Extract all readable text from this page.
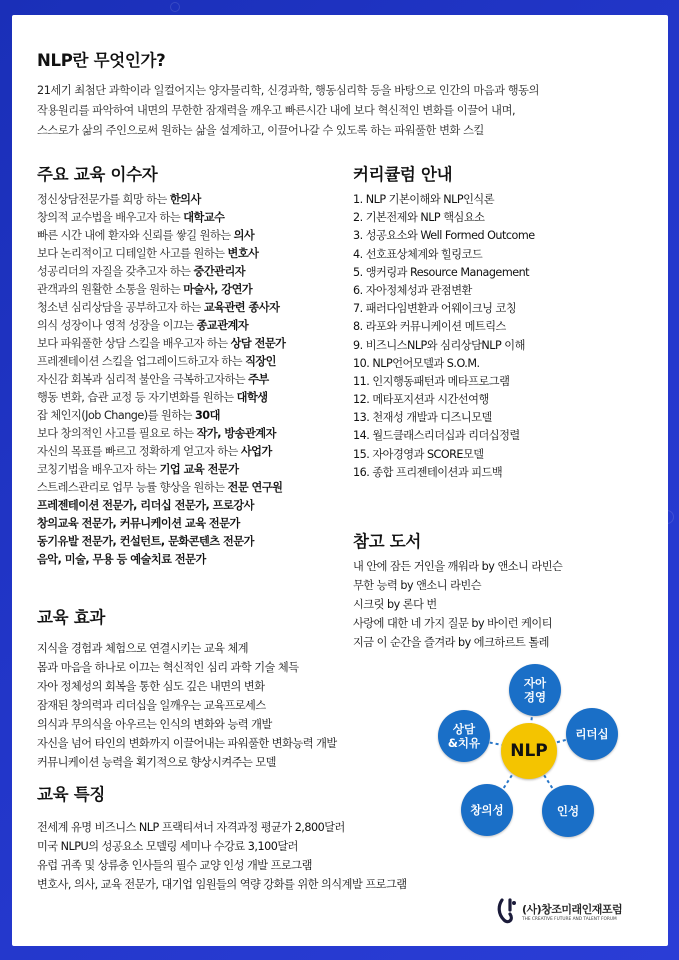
NLP란 무엇인가?
21세기 최첨단 과학이라 일컬어지는 양자물리학, 신경과학, 행동심리학 등을 바탕으로 인간의 마음과 행동의
작용원리를 파악하여 내면의 무한한 잠재력을 깨우고 빠른시간 내에 보다 혁신적인 변화를 이끌어 내며,
스스로가 삶의 주인으로써 원하는 삶을 설계하고, 이끌어나갈 수 있도록 하는 파워풀한 변화 스킬
주요 교육 이수자
정신상담전문가를 희망 하는 한의사
창의적 교수법을 배우고자 하는 대학교수
빠른 시간 내에 환자와 신뢰를 쌓길 원하는 의사
보다 논리적이고 디테일한 사고를 원하는 변호사
성공리더의 자질을 갖추고자 하는 중간관리자
관객과의 원활한 소통을 원하는 마술사, 강연가
청소년 심리상담을 공부하고자 하는 교육관련 종사자
의식 성장이나 영적 성장을 이끄는 종교관계자
보다 파워풀한 상담 스킬을 배우고자 하는 상담 전문가
프레젠테이션 스킬을 업그레이드하고자 하는 직장인
자신감 회복과 심리적 불안을 극복하고자하는 주부
행동 변화, 습관 교정 등 자기변화를 원하는 대학생
잡 체인지(Job Change)를 원하는 30대
보다 창의적인 사고를 필요로 하는 작가, 방송관계자
자신의 목표를 빠르고 정확하게 얻고자 하는 사업가
코칭기법을 배우고자 하는 기업 교육 전문가
스트레스관리로 업무 능률 향상을 원하는 전문 연구원
프레젠테이션 전문가, 리더십 전문가, 프로강사
창의교육 전문가, 커뮤니케이션 교육 전문가
동기유발 전문가, 컨설턴트, 문화콘텐츠 전문가
음악, 미술, 무용 등 예술치료 전문가
교육 효과
지식을 경험과 체험으로 연결시키는 교육 체계
몸과 마음을 하나로 이끄는 혁신적인 심리 과학 기술 체득
자아 정체성의 회복을 통한 심도 깊은 내면의 변화
잠재된 창의력과 리더십을 일깨우는 교육프로세스
의식과 무의식을 아우르는 인식의 변화와 능력 개발
자신을 넘어 타인의 변화까지 이끌어내는 파워풀한 변화능력 개발
커뮤니케이션 능력을 획기적으로 향상시켜주는 모델
교육 특징
전세계 유명 비즈니스 NLP 프랙티셔너 자격과정 평균가 2,800달러
미국 NLPU의 성공요소 모델링 세미나 수강료 3,100달러
유럽 귀족 및 상류층 인사들의 필수 교양 인성 개발 프로그램
변호사, 의사, 교육 전문가, 대기업 임원들의 역량 강화를 위한 의식계발 프로그램
커리큘럼 안내
1. NLP 기본이해와 NLP인식론
2. 기본전제와 NLP 핵심요소
3. 성공요소와 Well Formed Outcome
4. 선호표상체계와 힐링코드
5. 앵커링과 Resource Management
6. 자아정체성과 관점변환
7. 패러다임변환과 어웨이크닝 코칭
8. 라포와 커뮤니케이션 메트릭스
9. 비즈니스NLP와 심리상담NLP 이해
10. NLP언어모델과 S.O.M.
11. 인지행동패턴과 메타프로그램
12. 메타포지션과 시간선여행
13. 천재성 개발과 디즈니모델
14. 월드클래스리더십과 리더십정렬
15. 자아경영과 SCORE모델
16. 종합 프리젠테이션과 피드백
참고 도서
내 안에 잠든 거인을 깨워라 by 앤소니 라빈슨
무한 능력 by 앤소니 라빈슨
시크릿 by 론다 번
사랑에 대한 네 가지 질문 by 바이런 케이티
지금 이 순간을 즐겨라 by 에크하르트 톨레
자아
경영
리더십
인성
창의성
상담
&치유 NLP
(사)창조미래인재포럼
THE CREATIVE FUTURE AND TALENT FORUM
